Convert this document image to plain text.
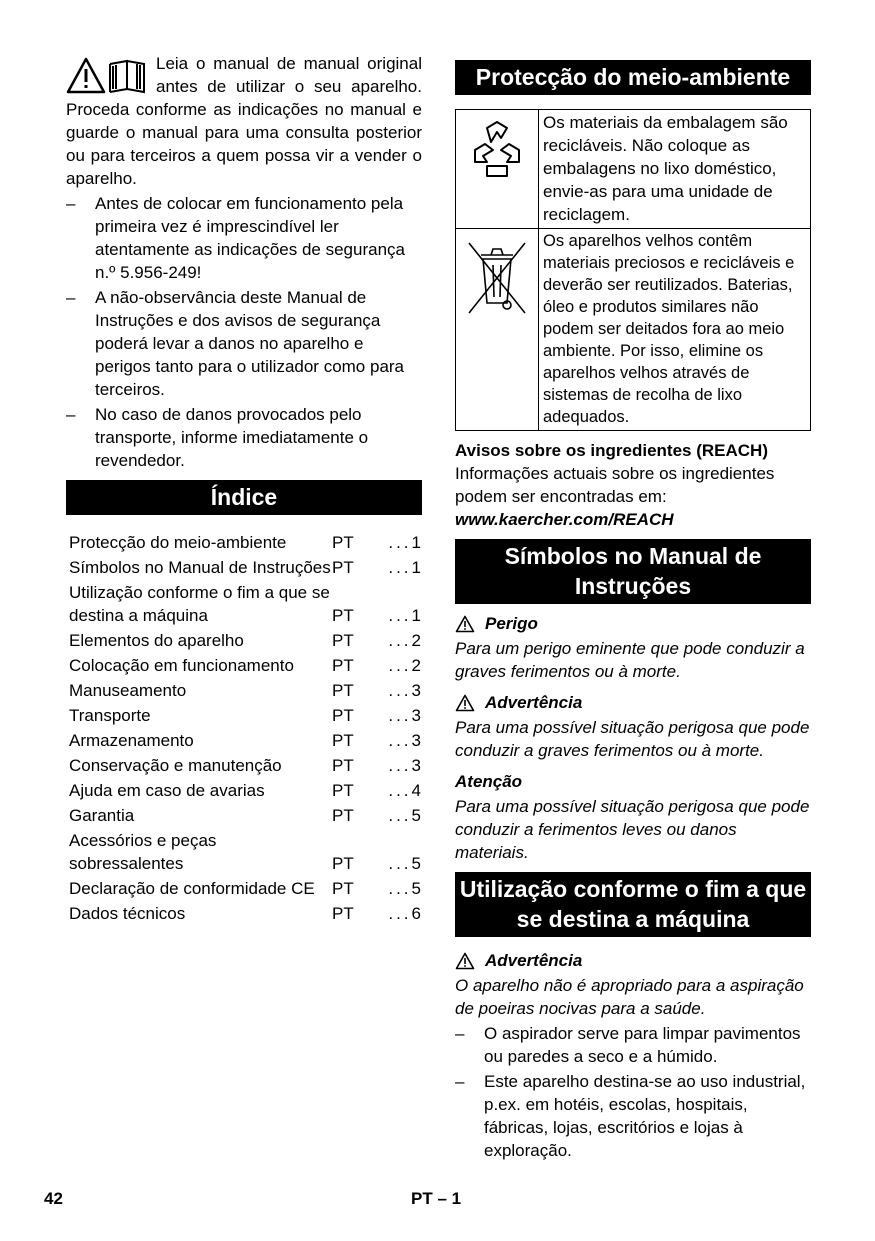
Leia o manual de manual original antes de utilizar o seu aparelho. Proceda conforme as indicações no manual e guarde o manual para uma consulta posterior ou para terceiros a quem possa vir a vender o aparelho.

– Antes de colocar em funcionamento pela primeira vez é imprescindível ler atentamente as indicações de segurança n.º 5.956-249!
– A não-observância deste Manual de Instruções e dos avisos de segurança poderá levar a danos no aparelho e perigos tanto para o utilizador como para terceiros.
– No caso de danos provocados pelo transporte, informe imediatamente o revendedor.
Índice
Protecção do meio-ambiente	PT	...1
Símbolos no Manual de Instruções PT	...1
Utilização conforme o fim a que se destina a máquina	PT	...1
Elementos do aparelho	PT	...2
Colocação em funcionamento	PT	...2
Manuseamento	PT	...3
Transporte	PT	...3
Armazenamento	PT	...3
Conservação e manutenção	PT	...3
Ajuda em caso de avarias	PT	...4
Garantia	PT	...5
Acessórios e peças sobressalentes	PT	...5
Declaração de conformidade CE	PT	...5
Dados técnicos	PT	...6
Protecção do meio-ambiente
	Os materiais da embalagem são recicláveis. Não coloque as embalagens no lixo doméstico, envie-as para uma unidade de reciclagem.
	Os aparelhos velhos contêm materiais preciosos e recicláveis e deverão ser reutilizados. Baterias, óleo e produtos similares não podem ser deitados fora ao meio ambiente. Por isso, elimine os aparelhos velhos através de sistemas de recolha de lixo adequados.

Avisos sobre os ingredientes (REACH)

Informações actuais sobre os ingredientes podem ser encontradas em:

www.kaercher.com/REACH

Símbolos no Manual de Instruções
Perigo

Para um perigo eminente que pode conduzir a graves ferimentos ou à morte.

Advertência

Para uma possível situação perigosa que pode conduzir a graves ferimentos ou à morte.

Atenção

Para uma possível situação perigosa que pode conduzir a ferimentos leves ou danos materiais.

Utilização conforme o fim a que se destina a máquina
Advertência

O aparelho não é apropriado para a aspiração de poeiras nocivas para a saúde.

– O aspirador serve para limpar pavimentos ou paredes a seco e a húmido.
– Este aparelho destina-se ao uso industrial, p.ex. em hotéis, escolas, hospitais, fábricas, lojas, escritórios e lojas à exploração.
42	PT – 1
